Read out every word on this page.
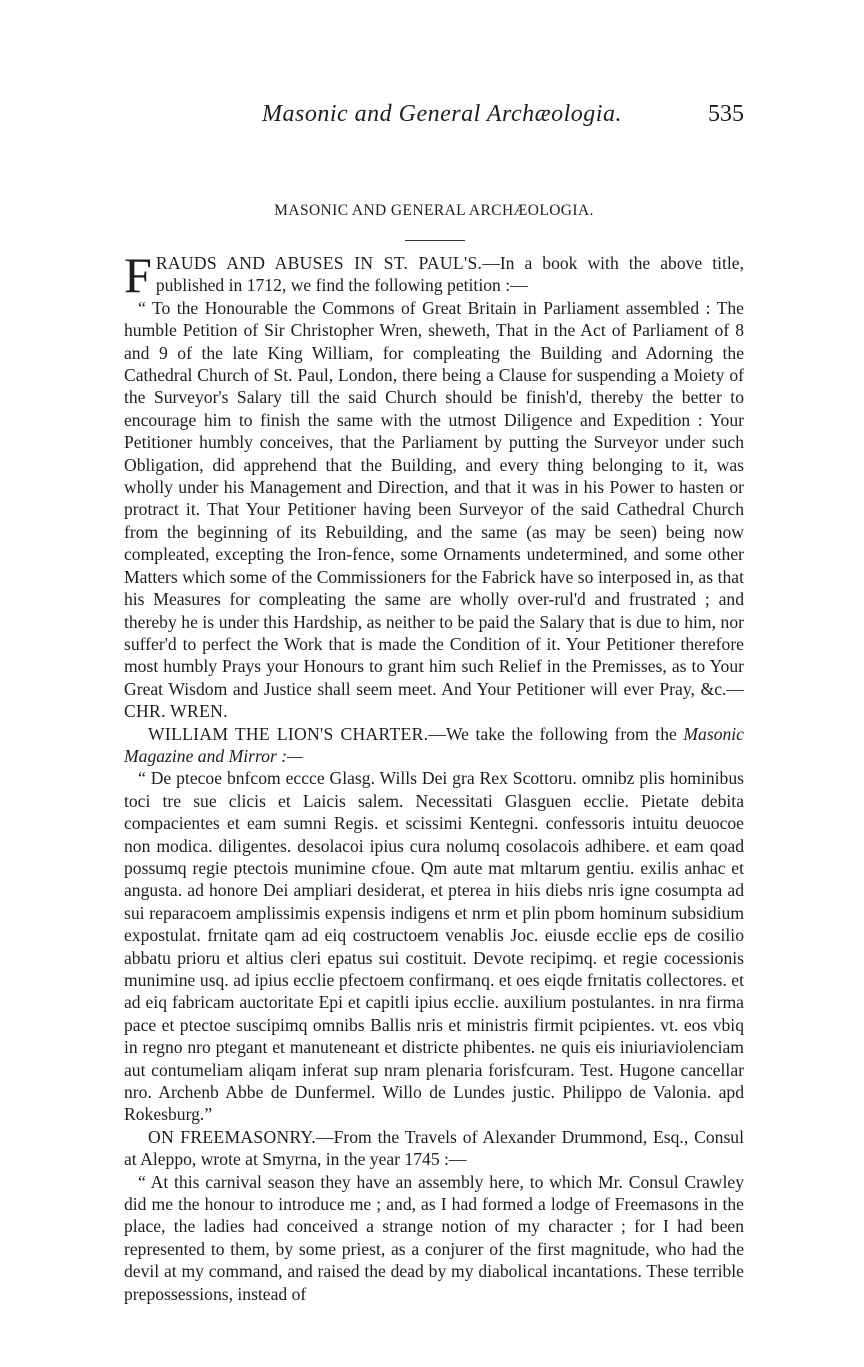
Masonic and General Archæologia.	535
MASONIC AND GENERAL ARCHÆOLOGIA.

FRAUDS AND ABUSES IN ST. PAUL'S.—In a book with the above title, published in 1712, we find the following petition :—

“ To the Honourable the Commons of Great Britain in Parliament assembled : The humble Petition of Sir Christopher Wren, sheweth, That in the Act of Parliament of 8 and 9 of the late King William, for compleating the Building and Adorning the Cathedral Church of St. Paul, London, there being a Clause for suspending a Moiety of the Surveyor's Salary till the said Church should be finish'd, thereby the better to encourage him to finish the same with the utmost Diligence and Expedition : Your Petitioner humbly conceives, that the Parliament by putting the Surveyor under such Obligation, did apprehend that the Building, and every thing belonging to it, was wholly under his Management and Direction, and that it was in his Power to hasten or protract it. That Your Petitioner having been Surveyor of the said Cathedral Church from the beginning of its Rebuilding, and the same (as may be seen) being now compleated, excepting the Iron-fence, some Ornaments undetermined, and some other Matters which some of the Commissioners for the Fabrick have so interposed in, as that his Measures for compleating the same are wholly over-rul'd and frustrated ; and thereby he is under this Hardship, as neither to be paid the Salary that is due to him, nor suffer'd to perfect the Work that is made the Condition of it. Your Petitioner therefore most humbly Prays your Honours to grant him such Relief in the Premisses, as to Your Great Wisdom and Justice shall seem meet. And Your Petitioner will ever Pray, &c.—CHR. WREN.

WILLIAM THE LION'S CHARTER.—We take the following from the Masonic Magazine and Mirror :—

“ De ptecoe bnfcom eccce Glasg. Wills Dei gra Rex Scottoru. omnibz plis hominibus toci tre sue clicis et Laicis salem. Necessitati Glasguen ecclie. Pietate debita compacientes et eam sumni Regis. et scissimi Kentegni. confessoris intuitu deuocoe non modica. diligentes. desolacoi ipius cura nolumq cosolacois adhibere. et eam qoad possumq regie ptectois munimine cfoue. Qm aute mat mltarum gentiu. exilis anhac et angusta. ad honore Dei ampliari desiderat, et pterea in hiis diebs nris igne cosumpta ad sui reparacoem amplissimis expensis indigens et nrm et plin pbom hominum subsidium expostulat. frnitate qam ad eiq costructoem venablis Joc. eiusde ecclie eps de cosilio abbatu prioru et altius cleri epatus sui costituit. Devote recipimq. et regie cocessionis munimine usq. ad ipius ecclie pfectoem confirmanq. et oes eiqde frnitatis collectores. et ad eiq fabricam auctoritate Epi et capitli ipius ecclie. auxilium postulantes. in nra firma pace et ptectoe suscipimq omnibs Ballis nris et ministris firmit pcipientes. vt. eos vbiq in regno nro ptegant et manuteneant et districte phibentes. ne quis eis iniuriaviolenciam aut contumeliam aliqam inferat sup nram plenaria forisfcuram. Test. Hugone cancellar nro. Archenb Abbe de Dunfermel. Willo de Lundes justic. Philippo de Valonia. apd Rokesburg.”

ON FREEMASONRY.—From the Travels of Alexander Drummond, Esq., Consul at Aleppo, wrote at Smyrna, in the year 1745 :—

“ At this carnival season they have an assembly here, to which Mr. Consul Crawley did me the honour to introduce me ; and, as I had formed a lodge of Freemasons in the place, the ladies had conceived a strange notion of my character ; for I had been represented to them, by some priest, as a conjurer of the first magnitude, who had the devil at my command, and raised the dead by my diabolical incantations. These terrible prepossessions, instead of
